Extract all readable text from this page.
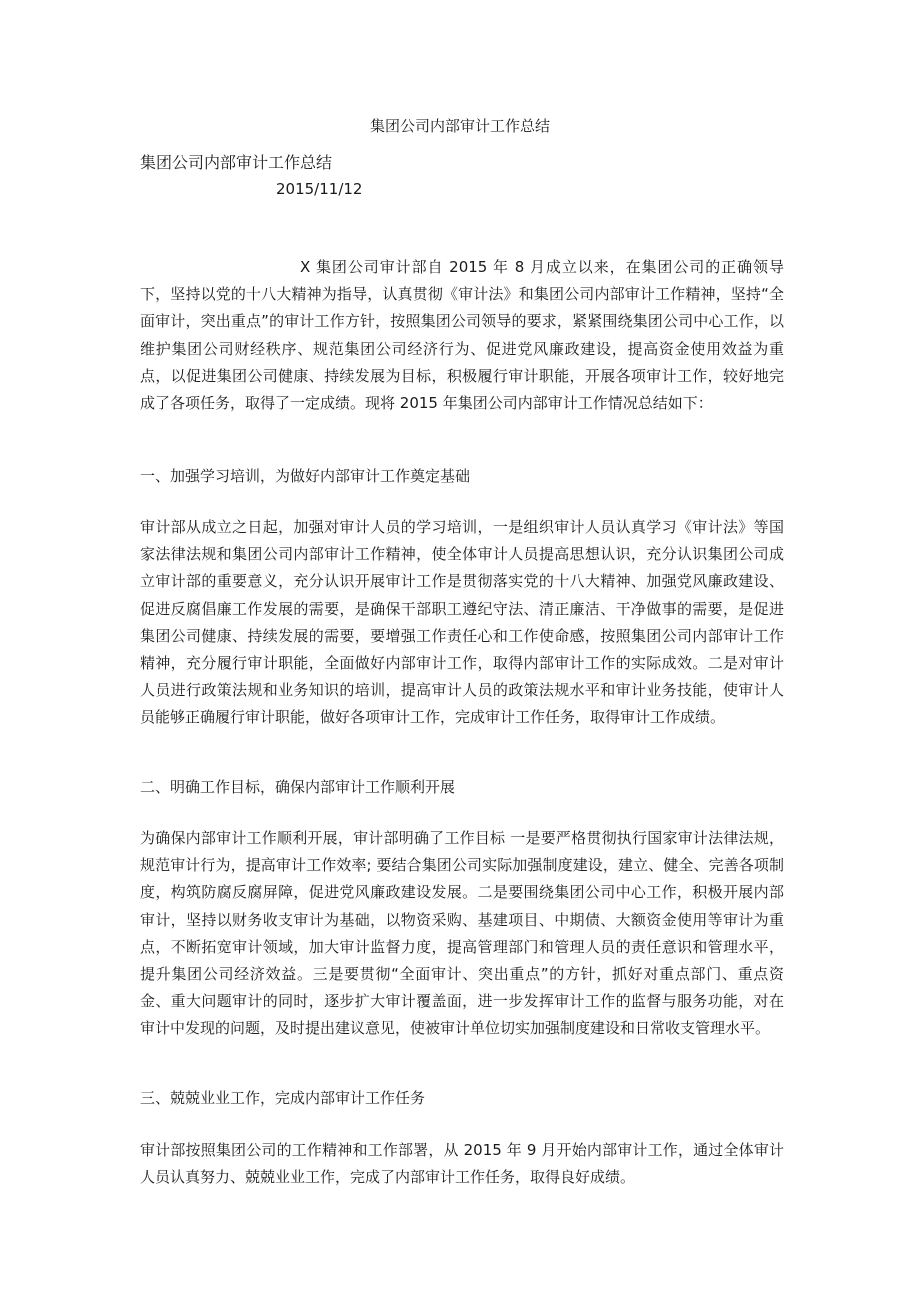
集团公司内部审计工作总结
集团公司内部审计工作总结
2015/11/12

X 集团公司审计部自 2015 年 8 月成立以来，在集团公司的正确领导下，坚持以党的十八大精神为指导，认真贯彻《审计法》和集团公司内部审计工作精神，坚持“全面审计，突出重点”的审计工作方针，按照集团公司领导的要求，紧紧围绕集团公司中心工作，以维护集团公司财经秩序、规范集团公司经济行为、促进党风廉政建设，提高资金使用效益为重点，以促进集团公司健康、持续发展为目标，积极履行审计职能，开展各项审计工作，较好地完成了各项任务，取得了一定成绩。现将 2015 年集团公司内部审计工作情况总结如下：

一、加强学习培训，为做好内部审计工作奠定基础

审计部从成立之日起，加强对审计人员的学习培训，一是组织审计人员认真学习《审计法》等国家法律法规和集团公司内部审计工作精神，使全体审计人员提高思想认识，充分认识集团公司成立审计部的重要意义，充分认识开展审计工作是贯彻落实党的十八大精神、加强党风廉政建设、促进反腐倡廉工作发展的需要，是确保干部职工遵纪守法、清正廉洁、干净做事的需要，是促进集团公司健康、持续发展的需要，要增强工作责任心和工作使命感，按照集团公司内部审计工作精神，充分履行审计职能，全面做好内部审计工作，取得内部审计工作的实际成效。二是对审计人员进行政策法规和业务知识的培训，提高审计人员的政策法规水平和审计业务技能，使审计人员能够正确履行审计职能，做好各项审计工作，完成审计工作任务，取得审计工作成绩。

二、明确工作目标，确保内部审计工作顺利开展

为确保内部审计工作顺利开展，审计部明确了工作目标 一是要严格贯彻执行国家审计法律法规，规范审计行为，提高审计工作效率; 要结合集团公司实际加强制度建设，建立、健全、完善各项制度，构筑防腐反腐屏障，促进党风廉政建设发展。二是要围绕集团公司中心工作，积极开展内部审计，坚持以财务收支审计为基础，以物资采购、基建项目、中期债、大额资金使用等审计为重点，不断拓宽审计领域，加大审计监督力度，提高管理部门和管理人员的责任意识和管理水平，提升集团公司经济效益。三是要贯彻“全面审计、突出重点”的方针，抓好对重点部门、重点资金、重大问题审计的同时，逐步扩大审计覆盖面，进一步发挥审计工作的监督与服务功能，对在审计中发现的问题，及时提出建议意见，使被审计单位切实加强制度建设和日常收支管理水平。

三、兢兢业业工作，完成内部审计工作任务

审计部按照集团公司的工作精神和工作部署，从 2015 年 9 月开始内部审计工作，通过全体审计人员认真努力、兢兢业业工作，完成了内部审计工作任务，取得良好成绩。
